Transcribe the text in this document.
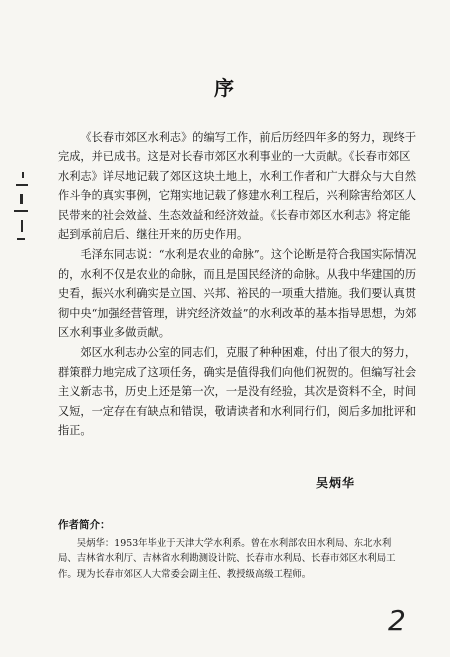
序

《长春市郊区水利志》的编写工作，前后历经四年多的努力，现终于完成，并已成书。这是对长春市郊区水利事业的一大贡献。《长春市郊区水利志》详尽地记载了郊区这块土地上，水利工作者和广大群众与大自然作斗争的真实事例，它翔实地记载了修建水利工程后，兴利除害给郊区人民带来的社会效益、生态效益和经济效益。《长春市郊区水利志》将定能起到承前启后、继往开来的历史作用。

毛泽东同志说：“水利是农业的命脉”。这个论断是符合我国实际情况的，水利不仅是农业的命脉，而且是国民经济的命脉。从我中华建国的历史看，振兴水利确实是立国、兴邦、裕民的一项重大措施。我们要认真贯彻中央“加强经营管理，讲究经济效益”的水利改革的基本指导思想，为郊区水利事业多做贡献。

郊区水利志办公室的同志们，克服了种种困难，付出了很大的努力，群策群力地完成了这项任务，确实是值得我们向他们祝贺的。但编写社会主义新志书，历史上还是第一次，一是没有经验，其次是资料不全，时间又短，一定存在有缺点和错误，敬请读者和水利同行们，阅后多加批评和指正。

吴炳华
作者简介：
吴炳华：1953年毕业于天津大学水利系。曾在水利部农田水利局、东北水利局、吉林省水利厅、吉林省水利勘测设计院、长春市水利局、长春市郊区水利局工作。现为长春市郊区人大常委会副主任、教授级高级工程师。
2
